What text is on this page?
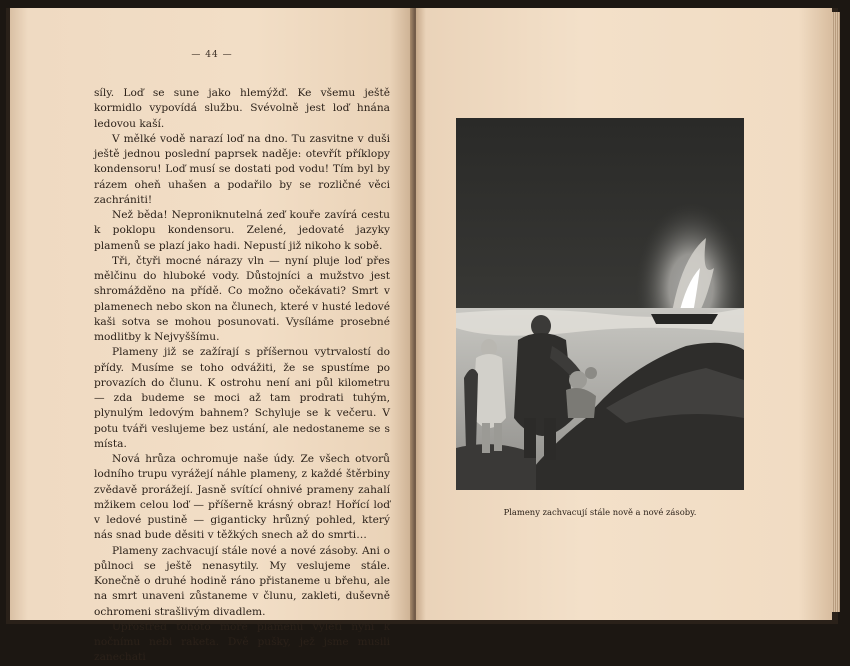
— 44 —

síly. Loď se sune jako hlemýžď. Ke všemu ještě kormidlo vypovídá službu. Svévolně jest loď hnána ledovou kaší.

V mělké vodě narazí loď na dno. Tu zasvitne v duši ještě jednou poslední paprsek naděje: otevřít příklopy kondensoru! Loď musí se dostati pod vodu! Tím byl by rázem oheň uhašen a podařilo by se rozličné věci zachrániti!

Než běda! Neproniknutelná zeď kouře zavírá cestu k poklopu kondensoru. Zelené, jedovaté jazyky plamenů se plazí jako hadi. Nepustí již nikoho k sobě.

Tři, čtyři mocné nárazy vln — nyní pluje loď přes mělčinu do hluboké vody. Důstojníci a mužstvo jest shromážděno na přídě. Co možno očekávati? Smrt v plamenech nebo skon na člunech, které v husté ledové kaši sotva se mohou posunovati. Vysíláme prosebné modlitby k Nejvyššímu.

Plameny již se zažírají s příšernou vytrvalostí do přídy. Musíme se toho odvážiti, že se spustíme po provazích do člunu. K ostrohu není ani půl kilometru — zda budeme se moci až tam prodrati tuhým, plynulým ledovým bahnem? Schyluje se k večeru. V potu tváři veslujeme bez ustání, ale nedostaneme se s místa.

Nová hrůza ochromuje naše údy. Ze všech otvorů lodního trupu vyrážejí náhle plameny, z každé štěrbiny zvědavě prorážejí. Jasně svítící ohnivé prameny zahalí mžikem celou loď — příšerně krásný obraz! Hořící loď v ledové pustině — giganticky hrůzný pohled, který nás snad bude děsiti v těžkých snech až do smrti…

Plameny zachvacují stále nové a nové zásoby. Ani o půlnoci se ještě nenasytily. My veslujeme stále. Konečně o druhé hodině ráno přistaneme u břehu, ale na smrt unaveni zůstaneme v člunu, zakleti, duševně ochromeni strašlivým divadlem.

Uprostřed tohoto moře plamenů vyletí nyní k nočnímu nebi raketa. Dvě pušky, jež jsme musili zanechati

Plameny zachvacují stále nově a nové zásoby.
